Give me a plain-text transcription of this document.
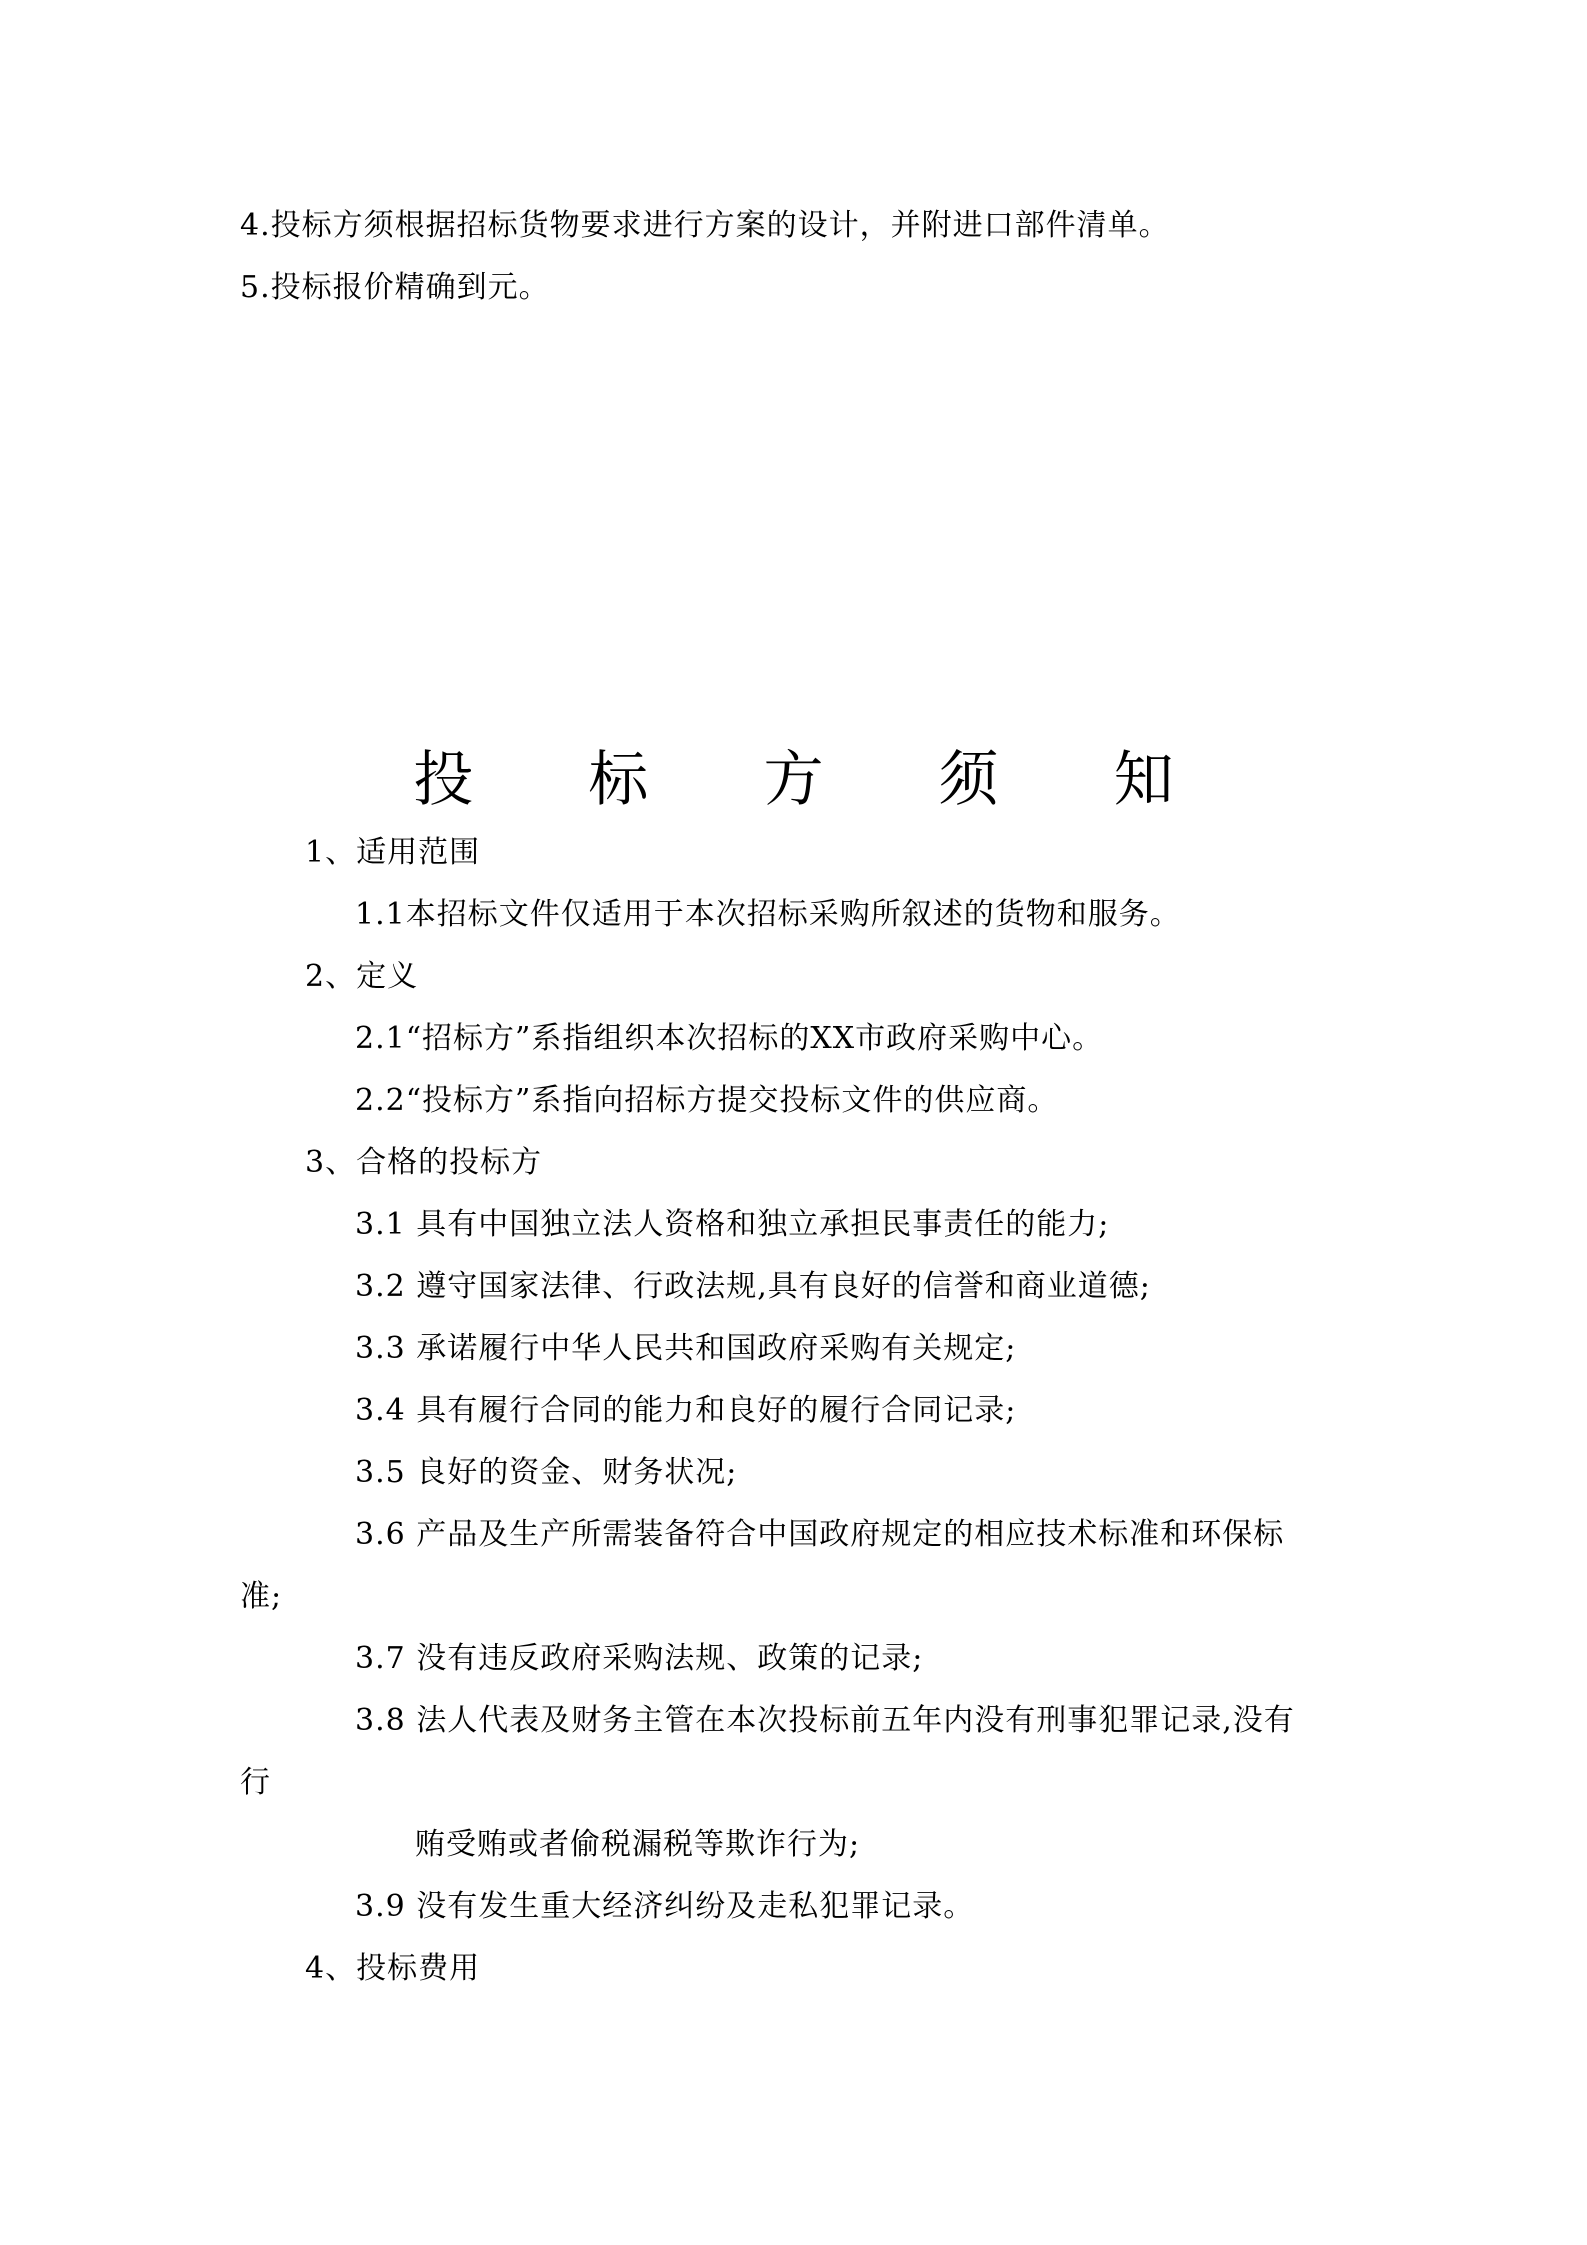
4.投标方须根据招标货物要求进行方案的设计，并附进口部件清单。
5.投标报价精确到元。
投 标 方 须 知
1、适用范围
1.1本招标文件仅适用于本次招标采购所叙述的货物和服务。
2、定义
2.1“招标方”系指组织本次招标的XX市政府采购中心。
2.2“投标方”系指向招标方提交投标文件的供应商。
3、合格的投标方
3.1 具有中国独立法人资格和独立承担民事责任的能力;
3.2 遵守国家法律、行政法规,具有良好的信誉和商业道德;
3.3 承诺履行中华人民共和国政府采购有关规定;
3.4 具有履行合同的能力和良好的履行合同记录;
3.5 良好的资金、财务状况;
3.6 产品及生产所需装备符合中国政府规定的相应技术标准和环保标
准;
3.7 没有违反政府采购法规、政策的记录;
3.8 法人代表及财务主管在本次投标前五年内没有刑事犯罪记录,没有
行
贿受贿或者偷税漏税等欺诈行为;
3.9 没有发生重大经济纠纷及走私犯罪记录。
4、投标费用
